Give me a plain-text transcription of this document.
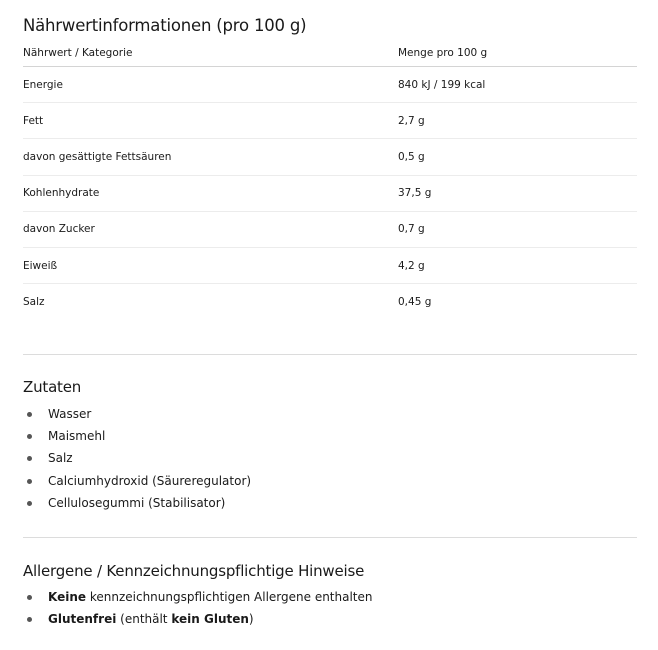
Nährwertinformationen (pro 100 g)
Nährwert / Kategorie	Menge pro 100 g
Energie	840 kJ / 199 kcal
Fett	2,7 g
davon gesättigte Fettsäuren	0,5 g
Kohlenhydrate	37,5 g
davon Zucker	0,7 g
Eiweiß	4,2 g
Salz	0,45 g
Zutaten
Wasser
Maismehl
Salz
Calciumhydroxid (Säureregulator)
Cellulosegummi (Stabilisator)
Allergene / Kennzeichnungspflichtige Hinweise
Keine kennzeichnungspflichtigen Allergene enthalten
Glutenfrei (enthält kein Gluten)
